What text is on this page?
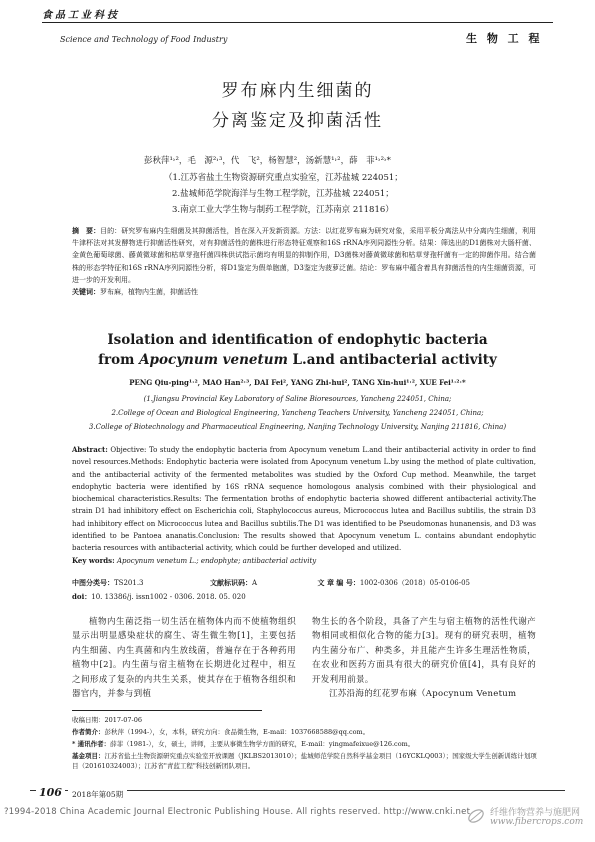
食品工业科技
Science and Technology of Food Industry	生 物 工 程
罗布麻内生细菌的
分离鉴定及抑菌活性
彭秋萍¹˒²，毛　源²˒³，代　飞²，杨智慧²，汤新慧¹˒²，薛　菲¹˒²˒*
（1.江苏省盐土生物资源研究重点实验室，江苏盐城 224051；
2.盐城师范学院海洋与生物工程学院，江苏盐城 224051；
3.南京工业大学生物与制药工程学院，江苏南京 211816）

摘　要：目的：研究罗布麻内生细菌及其抑菌活性，旨在深入开发新资源。方法：以红花罗布麻为研究对象，采用平板分离法从中分离内生细菌，利用牛津杯法对其发酵物进行抑菌活性研究，对有抑菌活性的菌株进行形态特征观察和16S rRNA序列同源性分析。结果：筛选出的D1菌株对大肠杆菌、金黄色葡萄球菌、藤黄微球菌和枯草芽孢杆菌四株供试指示菌均有明显的抑制作用，D3菌株对藤黄微球菌和枯草芽孢杆菌有一定的抑菌作用。结合菌株的形态学特征和16S rRNA序列同源性分析，将D1鉴定为假单胞菌，D3鉴定为菠萝泛菌。结论：罗布麻中蕴含着具有抑菌活性的内生细菌资源，可进一步的开发利用。
关键词：罗布麻，植物内生菌，抑菌活性

Isolation and identification of endophytic bacteria
from Apocynum venetum L.and antibacterial activity
PENG Qiu-ping¹˒², MAO Han²˒³, DAI Fei², YANG Zhi-hui², TANG Xin-hui¹˒², XUE Fei¹˒²˒*
(1.Jiangsu Provincial Key Laboratory of Saline Bioresources, Yancheng 224051, China;
2.College of Ocean and Biological Engineering, Yancheng Teachers University, Yancheng 224051, China;
3.College of Biotechnology and Pharmaceutical Engineering, Nanjing Technology University, Nanjing 211816, China)

Abstract: Objective: To study the endophytic bacteria from Apocynum venetum L.and their antibacterial activity in order to find novel resources.Methods: Endophytic bacteria were isolated from Apocynum venetum L.by using the method of plate cultivation, and the antibacterial activity of the fermented metabolites was studied by the Oxford Cup method. Meanwhile, the target endophytic bacteria were identified by 16S rRNA sequence homologous analysis combined with their physiological and biochemical characteristics.Results: The fermentation broths of endophytic bacteria showed different antibacterial activity.The strain D1 had inhibitory effect on Escherichia coli, Staphylococcus aureus, Micrococcus lutea and Bacillus subtilis, the strain D3 had inhibitory effect on Micrococcus lutea and Bacillus subtilis.The D1 was identified to be Pseudomonas hunanensis, and D3 was identified to be Pantoea ananatis.Conclusion: The results showed that Apocynum venetum L. contains abundant endophytic bacteria resources with antibacterial activity, which could be further developed and utilized.
Key words: Apocynum venetum L.; endophyte; antibacterial activity

中图分类号：TS201.3	文献标识码：A	文 章 编 号：1002-0306（2018）05-0106-05
doi：10. 13386/j. issn1002 - 0306. 2018. 05. 020

植物内生菌泛指一切生活在植物体内而不使植物组织显示出明显感染症状的腐生、寄生微生物[1]，主要包括内生细菌、内生真菌和内生放线菌，普遍存在于各种药用植物中[2]。内生菌与宿主植物在长期进化过程中，相互之间形成了复杂的内共生关系，使其存在于植物各组织和器官内，并参与到植

物生长的各个阶段，具备了产生与宿主植物的活性代谢产物相同或相似化合物的能力[3]。现有的研究表明，植物内生菌分布广、种类多，并且能产生许多生理活性物质，在农业和医药方面具有很大的研究价值[4]，具有良好的开发利用前景。
江苏沿海的红花罗布麻（Apocynum Venetum

收稿日期：2017-07-06

作者简介：彭秋萍（1994-），女，本科，研究方向：食品微生物，E-mail：1037668588@qq.com。

* 通讯作者：薛菲（1981-），女，硕士，讲师，主要从事微生物学方面的研究，E-mail：yingmafeixue@126.com。

基金项目：江苏省盐土生物资源研究重点实验室开放课题（JKLBS2013010）；盐城师范学院自然科学基金项目（16YCKLQ003）；国家级大学生创新训练计划项目（201610324003）；江苏省"青蓝工程"科技创新团队项目。

106	2018年第05期
?1994-2018 China Academic Journal Electronic Publishing House. All rights reserved. http://www.cnki.net 纤维作物营养与施肥网
www.fibercrops.com
